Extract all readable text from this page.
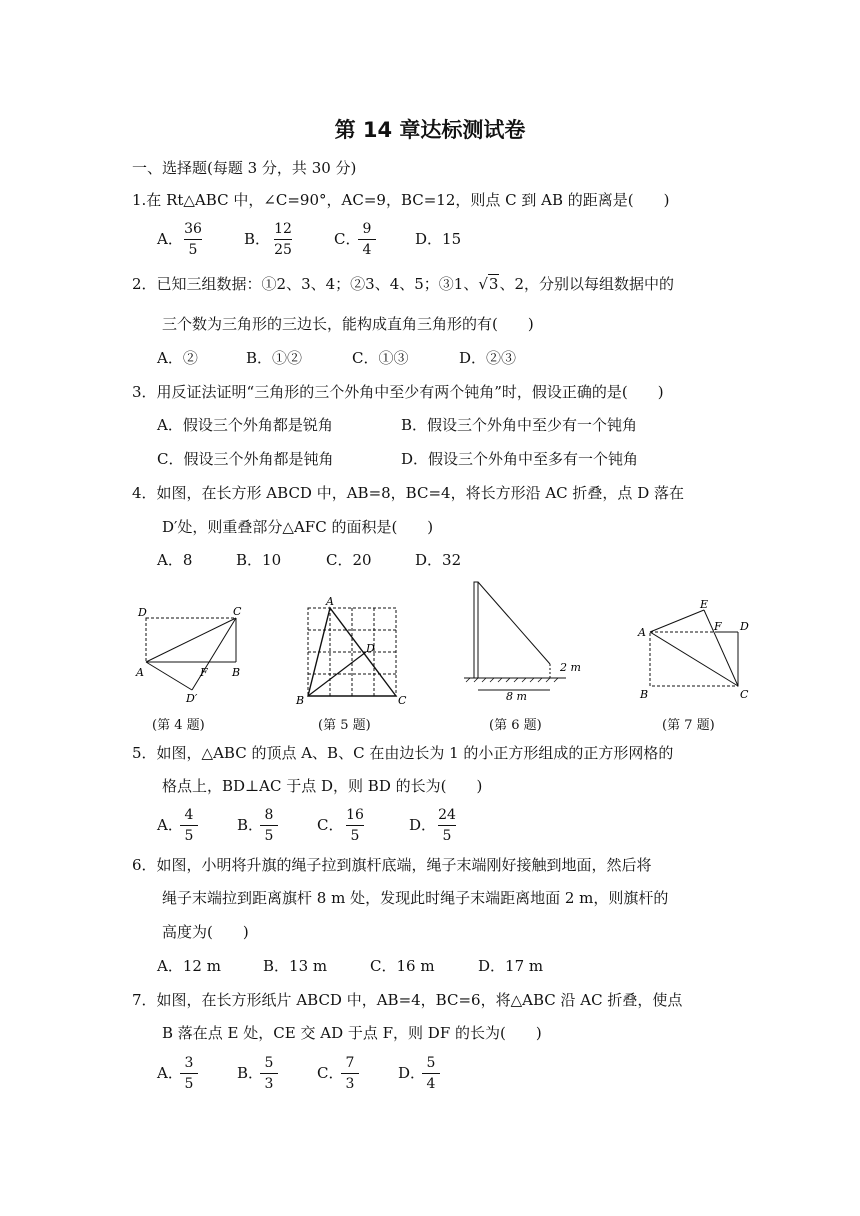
第 14 章达标测试卷
一、选择题(每题 3 分，共 30 分)
1.在 Rt△ABC 中，∠C=90°，AC=9，BC=12，则点 C 到 AB 的距离是(　　)
A．
36
5
B．
12
25
C．
9
4
D．15
2．已知三组数据：①2、3、4；②3、4、5；③1、√3、2，分别以每组数据中的
三个数为三角形的三边长，能构成直角三角形的有(　　)
A．②	B．①②	C．①③	D．②③
3．用反证法证明“三角形的三个外角中至少有两个钝角”时，假设正确的是(　　)
A．假设三个外角都是锐角	B．假设三个外角中至少有一个钝角
C．假设三个外角都是钝角	D．假设三个外角中至多有一个钝角
4．如图，在长方形 ABCD 中，AB=8，BC=4，将长方形沿 AC 折叠，点 D 落在
D′处，则重叠部分△AFC 的面积是(　　)
A．8	B．10	C．20	D．32
D	C
A	F B
D′
A
D
B	C
2 m
8 m
E
A	F D
B	C
(第 4 题)	(第 5 题)	(第 6 题)	(第 7 题)
5．如图，△ABC 的顶点 A、B、C 在由边长为 1 的小正方形组成的正方形网格的
格点上，BD⊥AC 于点 D，则 BD 的长为(　　)
A．
4
5
B．
8
5
C．
16
5
D．
24
5
6．如图，小明将升旗的绳子拉到旗杆底端，绳子末端刚好接触到地面，然后将
绳子末端拉到距离旗杆 8 m 处，发现此时绳子末端距离地面 2 m，则旗杆的
高度为(　　)
A．12 m	B．13 m	C．16 m	D．17 m
7．如图，在长方形纸片 ABCD 中，AB=4，BC=6，将△ABC 沿 AC 折叠，使点
B 落在点 E 处，CE 交 AD 于点 F，则 DF 的长为(　　)
A．
3
5
B．
5
3
C．
7
3
D．
5
4
